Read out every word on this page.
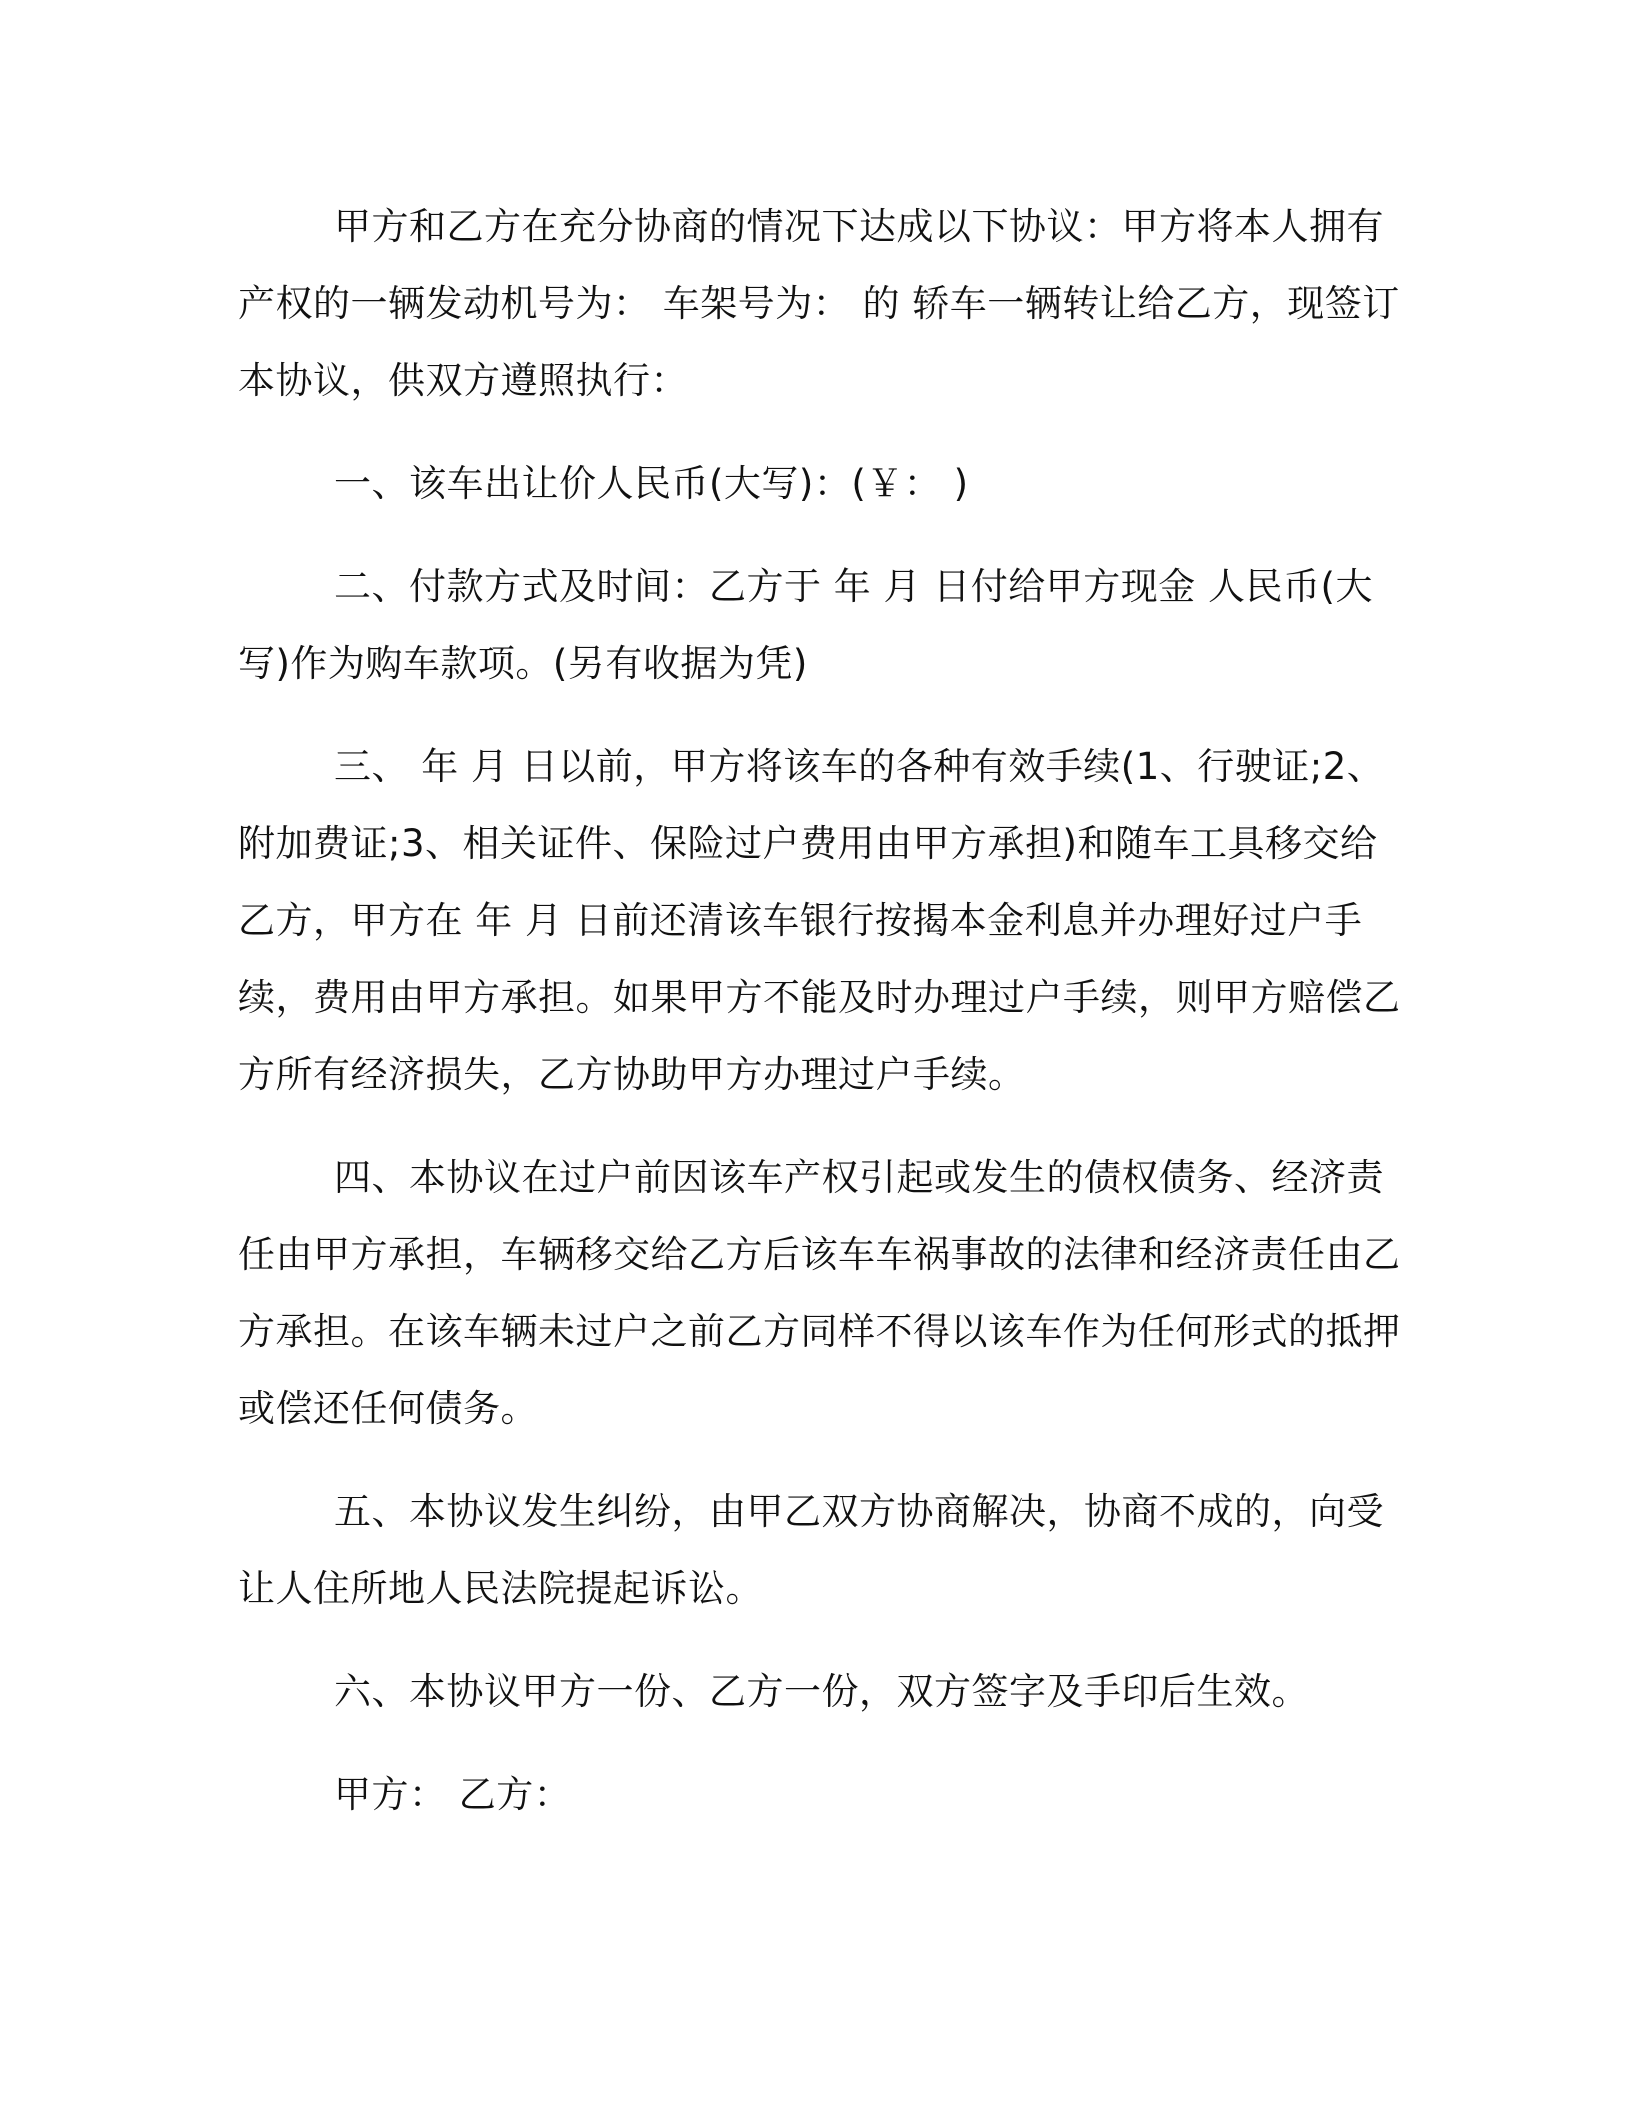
甲方和乙方在充分协商的情况下达成以下协议：甲方将本人拥有产权的一辆发动机号为： 车架号为： 的 轿车一辆转让给乙方，现签订本协议，供双方遵照执行：

一、该车出让价人民币(大写)：(￥： )

二、付款方式及时间：乙方于 年 月 日付给甲方现金 人民币(大写)作为购车款项。(另有收据为凭)

三、 年 月 日以前，甲方将该车的各种有效手续(1、行驶证;2、附加费证;3、相关证件、保险过户费用由甲方承担)和随车工具移交给乙方，甲方在 年 月 日前还清该车银行按揭本金利息并办理好过户手续，费用由甲方承担。如果甲方不能及时办理过户手续，则甲方赔偿乙方所有经济损失，乙方协助甲方办理过户手续。

四、本协议在过户前因该车产权引起或发生的债权债务、经济责任由甲方承担，车辆移交给乙方后该车车祸事故的法律和经济责任由乙方承担。在该车辆未过户之前乙方同样不得以该车作为任何形式的抵押或偿还任何债务。

五、本协议发生纠纷，由甲乙双方协商解决，协商不成的，向受让人住所地人民法院提起诉讼。

六、本协议甲方一份、乙方一份，双方签字及手印后生效。

甲方： 乙方：
